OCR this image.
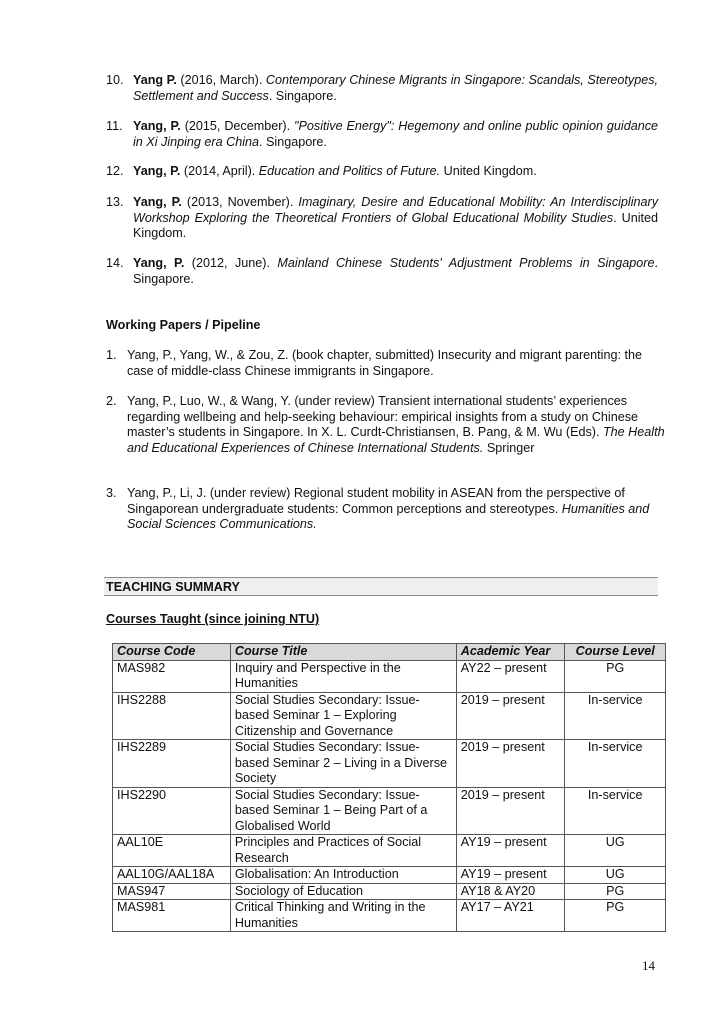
10. Yang P. (2016, March). Contemporary Chinese Migrants in Singapore: Scandals, Stereotypes, Settlement and Success. Singapore.
11. Yang, P. (2015, December). "Positive Energy": Hegemony and online public opinion guidance in Xi Jinping era China. Singapore.
12. Yang, P. (2014, April). Education and Politics of Future. United Kingdom.
13. Yang, P. (2013, November). Imaginary, Desire and Educational Mobility: An Interdisciplinary Workshop Exploring the Theoretical Frontiers of Global Educational Mobility Studies. United Kingdom.
14. Yang, P. (2012, June). Mainland Chinese Students' Adjustment Problems in Singapore. Singapore.
Working Papers / Pipeline
1. Yang, P., Yang, W., & Zou, Z. (book chapter, submitted) Insecurity and migrant parenting: the case of middle-class Chinese immigrants in Singapore.
2. Yang, P., Luo, W., & Wang, Y. (under review) Transient international students’ experiences regarding wellbeing and help-seeking behaviour: empirical insights from a study on Chinese master’s students in Singapore. In X. L. Curdt-Christiansen, B. Pang, & M. Wu (Eds). The Health and Educational Experiences of Chinese International Students. Springer
3. Yang, P., Li, J. (under review) Regional student mobility in ASEAN from the perspective of Singaporean undergraduate students: Common perceptions and stereotypes. Humanities and Social Sciences Communications.
TEACHING SUMMARY
Courses Taught (since joining NTU)
Course Code	Course Title	Academic Year	Course Level
MAS982	Inquiry and Perspective in the Humanities	AY22 – present	PG
IHS2288	Social Studies Secondary: Issue-based Seminar 1 – Exploring Citizenship and Governance	2019 – present	In-service
IHS2289	Social Studies Secondary: Issue-based Seminar 2 – Living in a Diverse Society	2019 – present	In-service
IHS2290	Social Studies Secondary: Issue-based Seminar 1 – Being Part of a Globalised World	2019 – present	In-service
AAL10E	Principles and Practices of Social Research	AY19 – present	UG
AAL10G/AAL18A	Globalisation: An Introduction	AY19 – present	UG
MAS947	Sociology of Education	AY18 & AY20	PG
MAS981	Critical Thinking and Writing in the Humanities	AY17 – AY21	PG
14
